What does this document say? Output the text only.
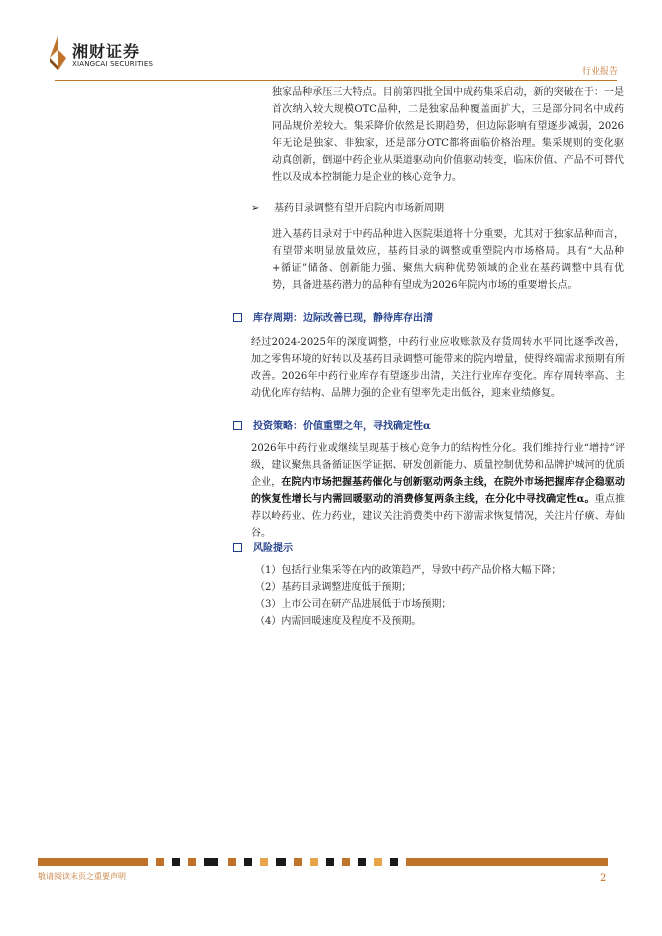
湘财证券
XIANGCAI SECURITIES
行业报告

独家品种承压三大特点。目前第四批全国中成药集采启动，新的突破在于：一是首次纳入较大规模OTC品种，二是独家品种覆盖面扩大，三是部分同名中成药同品规价差较大。集采降价依然是长期趋势，但边际影响有望逐步减弱，2026年无论是独家、非独家，还是部分OTC都将面临价格治理。集采规则的变化驱动真创新，倒逼中药企业从渠道驱动向价值驱动转变，临床价值、产品不可替代性以及成本控制能力是企业的核心竞争力。

➢ 基药目录调整有望开启院内市场新周期

进入基药目录对于中药品种进入医院渠道将十分重要，尤其对于独家品种而言，有望带来明显放量效应，基药目录的调整或重塑院内市场格局。具有“大品种+循证”储备、创新能力强、聚焦大病种优势领域的企业在基药调整中具有优势，具备进基药潜力的品种有望成为2026年院内市场的重要增长点。

库存周期：边际改善已现，静待库存出清

经过2024-2025年的深度调整，中药行业应收账款及存货周转水平同比逐季改善，加之零售环境的好转以及基药目录调整可能带来的院内增量，使得终端需求预期有所改善。2026年中药行业库存有望逐步出清，关注行业库存变化。库存周转率高、主动优化库存结构、品牌力强的企业有望率先走出低谷，迎来业绩修复。

投资策略：价值重塑之年，寻找确定性α

2026年中药行业或继续呈现基于核心竞争力的结构性分化。我们维持行业“增持”评级，建议聚焦具备循证医学证据、研发创新能力、质量控制优势和品牌护城河的优质企业，在院内市场把握基药催化与创新驱动两条主线，在院外市场把握库存企稳驱动的恢复性增长与内需回暖驱动的消费修复两条主线，在分化中寻找确定性α。重点推荐以岭药业、佐力药业，建议关注消费类中药下游需求恢复情况，关注片仔癀、寿仙谷。

风险提示
（1）包括行业集采等在内的政策趋严，导致中药产品价格大幅下降；
（2）基药目录调整进度低于预期；
（3）上市公司在研产品进展低于市场预期；
（4）内需回暖速度及程度不及预期。
敬请阅读末页之重要声明	2
